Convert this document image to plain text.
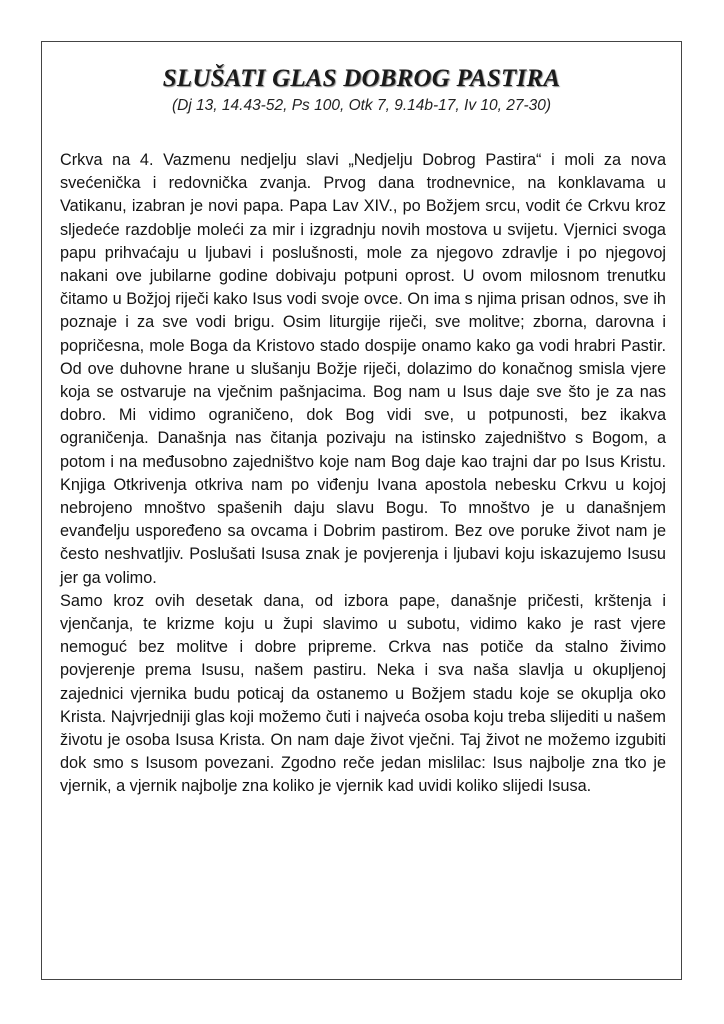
SLUŠATI GLAS DOBROG PASTIRA

(Dj 13, 14.43-52, Ps 100, Otk 7, 9.14b-17, Iv 10, 27-30)

Crkva na 4. Vazmenu nedjelju slavi „Nedjelju Dobrog Pastira“ i moli za nova svećenička i redovnička zvanja. Prvog dana trodnevnice, na konklavama u Vatikanu, izabran je novi papa. Papa Lav XIV., po Božjem srcu, vodit će Crkvu kroz sljedeće razdoblje moleći za mir i izgradnju novih mostova u svijetu. Vjernici svoga papu prihvaćaju u ljubavi i poslušnosti, mole za njegovo zdravlje i po njegovoj nakani ove jubilarne godine dobivaju potpuni oprost. U ovom milosnom trenutku čitamo u Božjoj riječi kako Isus vodi svoje ovce. On ima s njima prisan odnos, sve ih poznaje i za sve vodi brigu. Osim liturgije riječi, sve molitve; zborna, darovna i popričesna, mole Boga da Kristovo stado dospije onamo kako ga vodi hrabri Pastir. Od ove duhovne hrane u slušanju Božje riječi, dolazimo do konačnog smisla vjere koja se ostvaruje na vječnim pašnjacima. Bog nam u Isus daje sve što je za nas dobro. Mi vidimo ograničeno, dok Bog vidi sve, u potpunosti, bez ikakva ograničenja. Današnja nas čitanja pozivaju na istinsko zajedništvo s Bogom, a potom i na međusobno zajedništvo koje nam Bog daje kao trajni dar po Isus Kristu. Knjiga Otkrivenja otkriva nam po viđenju Ivana apostola nebesku Crkvu u kojoj nebrojeno mnoštvo spašenih daju slavu Bogu. To mnoštvo je u današnjem evanđelju uspoređeno sa ovcama i Dobrim pastirom. Bez ove poruke život nam je često neshvatljiv. Poslušati Isusa znak je povjerenja i ljubavi koju iskazujemo Isusu jer ga volimo.

Samo kroz ovih desetak dana, od izbora pape, današnje pričesti, krštenja i vjenčanja, te krizme koju u župi slavimo u subotu, vidimo kako je rast vjere nemoguć bez molitve i dobre pripreme. Crkva nas potiče da stalno živimo povjerenje prema Isusu, našem pastiru. Neka i sva naša slavlja u okupljenoj zajednici vjernika budu poticaj da ostanemo u Božjem stadu koje se okuplja oko Krista. Najvrjedniji glas koji možemo čuti i najveća osoba koju treba slijediti u našem životu je osoba Isusa Krista. On nam daje život vječni. Taj život ne možemo izgubiti dok smo s Isusom povezani. Zgodno reče jedan mislilac: Isus najbolje zna tko je vjernik, a vjernik najbolje zna koliko je vjernik kad uvidi koliko slijedi Isusa.
